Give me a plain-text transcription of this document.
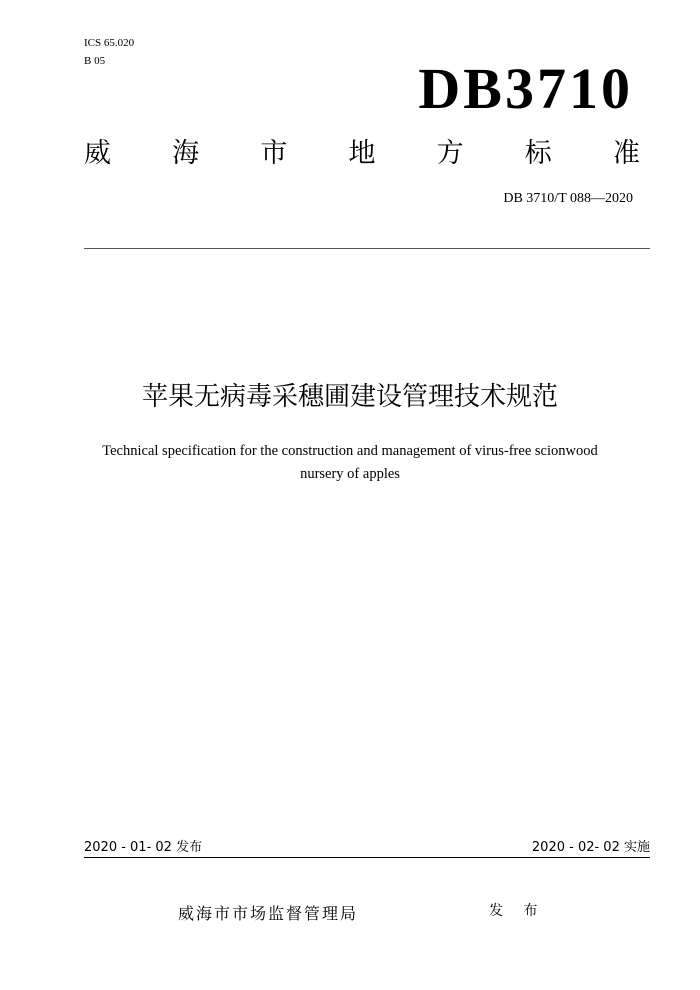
ICS 65.020
B 05	DB3710
威 海 市 地 方 标 准
DB 3710/T 088—2020
苹果无病毒采穗圃建设管理技术规范
Technical specification for the construction and management of virus-free scionwood
nursery of apples
2020 - 01- 02 发布	2020 - 02- 02 实施
威海市市场监督管理局	发 布
